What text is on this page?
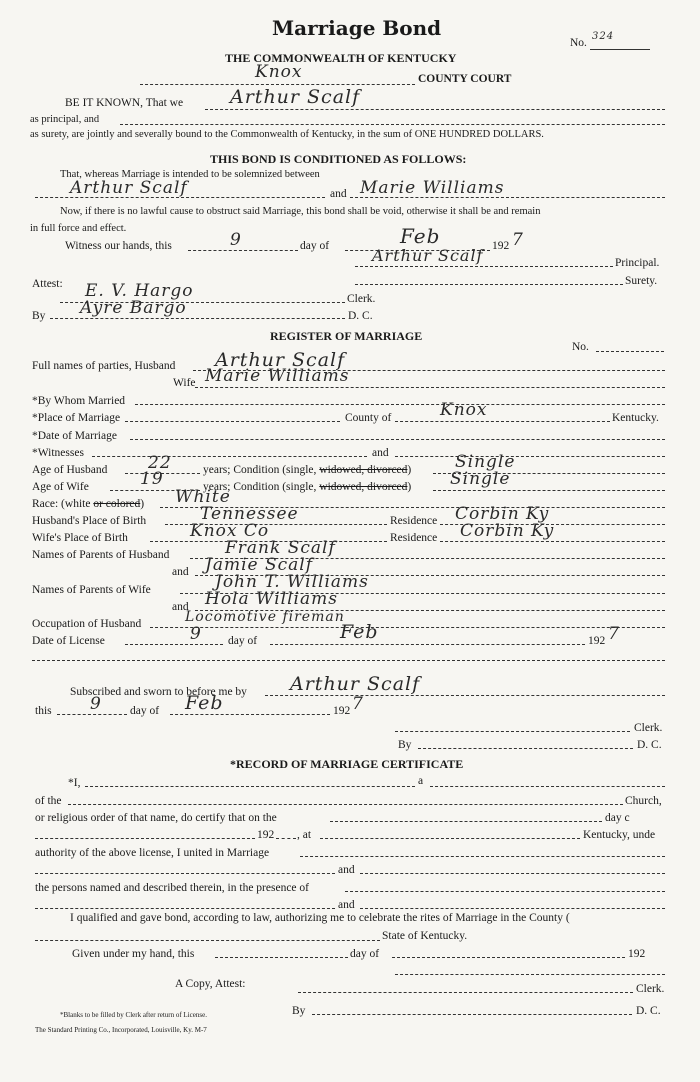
Marriage Bond
No.
324
THE COMMONWEALTH OF KENTUCKY
Knox	COUNTY COURT
BE IT KNOWN, That we Arthur Scalf
as principal, and
as surety, are jointly and severally bound to the Commonwealth of Kentucky, in the sum of ONE HUNDRED DOLLARS.
THIS BOND IS CONDITIONED AS FOLLOWS:
That, whereas Marriage is intended to be solemnized between
Arthur Scalf	and Marie Williams
Now, if there is no lawful cause to obstruct said Marriage, this bond shall be void, otherwise it shall be and remain
in full force and effect.
Witness our hands, this	9	day of	Feb	192 7
Arthur Scalf	Principal.
Surety.
Attest: E. V. Hargo	Clerk.
By Ayre Bargo	D. C.
REGISTER OF MARRIAGE
No.
Full names of parties, Husband Arthur Scalf
Wife Marie Williams
*By Whom Married
*Place of Marriage	County of	Knox	Kentucky.
*Date of Marriage
*Witnesses	and
Age of Husband 22	years; Condition (single, widowed, divorced)	Single
Age of Wife	19	years; Condition (single, widowed, divorced) Single
Race: (white or colored) White
Husband's Place of Birth	Tennessee	Residence Corbin Ky
Wife's Place of Birth	Knox Co	Residence Corbin Ky
Names of Parents of Husband	Frank Scalf
and Jamie Scalf
Names of Parents of Wife	John T. Williams
and Hola Williams
Occupation of Husband	Locomotive fireman
Date of License	9 day of	Feb	192 7
Subscribed and sworn to before me by Arthur Scalf
this 9 day of Feb	192 7
Clerk.
By	D. C.
*RECORD OF MARRIAGE CERTIFICATE
*I,	a
of the	Church,
or religious order of that name, do certify that on the	day c
192 , at	Kentucky, unde
authority of the above license, I united in Marriage
and
the persons named and described therein, in the presence of
and
I qualified and gave bond, according to law, authorizing me to celebrate the rites of Marriage in the County (
State of Kentucky.
Given under my hand, this	day of	192
A Copy, Attest:	Clerk.
By	D. C.
*Blanks to be filled by Clerk after return of License.
The Standard Printing Co., Incorporated, Louisville, Ky. M-7
